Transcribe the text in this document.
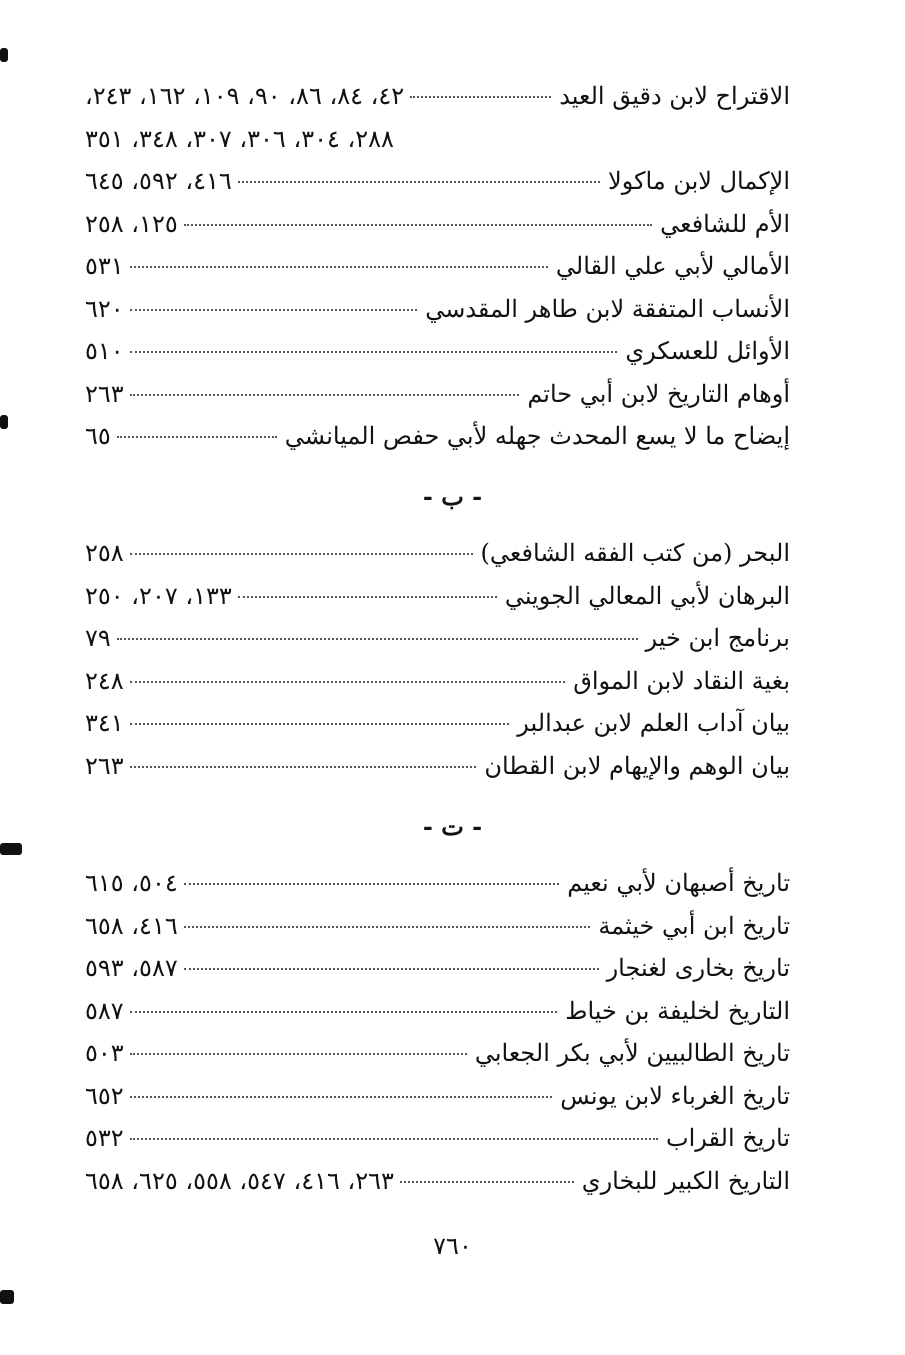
الاقتراح لابن دقيق العيد
٤٢، ٨٤، ٨٦، ٩٠، ١٠٩، ١٦٢، ٢٤٣،
٢٨٨، ٣٠٤، ٣٠٦، ٣٠٧، ٣٤٨، ٣٥١
الإكمال لابن ماكولا
٤١٦، ٥٩٢، ٦٤٥
الأم للشافعي
١٢٥، ٢٥٨
الأمالي لأبي علي القالي
٥٣١
الأنساب المتفقة لابن طاهر المقدسي
٦٢٠
الأوائل للعسكري
٥١٠
أوهام التاريخ لابن أبي حاتم
٢٦٣
إيضاح ما لا يسع المحدث جهله لأبي حفص الميانشي
٦٥
- ب -
البحر (من كتب الفقه الشافعي)
٢٥٨
البرهان لأبي المعالي الجويني
١٣٣، ٢٠٧، ٢٥٠
برنامج ابن خير
٧٩
بغية النقاد لابن المواق
٢٤٨
بيان آداب العلم لابن عبدالبر
٣٤١
بيان الوهم والإيهام لابن القطان
٢٦٣
- ت -
تاريخ أصبهان لأبي نعيم
٥٠٤، ٦١٥
تاريخ ابن أبي خيثمة
٤١٦، ٦٥٨
تاريخ بخارى لغنجار
٥٨٧، ٥٩٣
التاريخ لخليفة بن خياط
٥٨٧
تاريخ الطالبيين لأبي بكر الجعابي
٥٠٣
تاريخ الغرباء لابن يونس
٦٥٢
تاريخ القراب
٥٣٢
التاريخ الكبير للبخاري
٢٦٣، ٤١٦، ٥٤٧، ٥٥٨، ٦٢٥، ٦٥٨
٧٦٠
